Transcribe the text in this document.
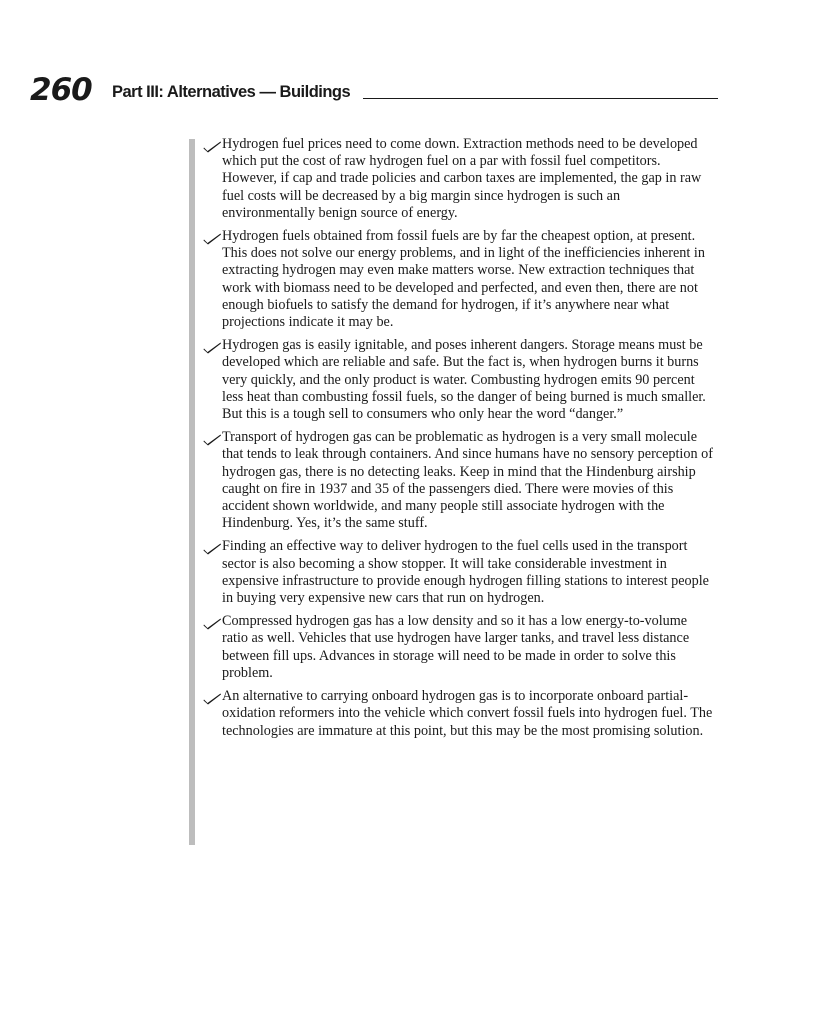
260 Part III: Alternatives — Buildings
Hydrogen fuel prices need to come down. Extraction methods need to be developed which put the cost of raw hydrogen fuel on a par with fossil fuel competitors. However, if cap and trade policies and carbon taxes are implemented, the gap in raw fuel costs will be decreased by a big margin since hydrogen is such an environmentally benign source of energy.
Hydrogen fuels obtained from fossil fuels are by far the cheapest option, at present. This does not solve our energy problems, and in light of the inefficiencies inherent in extracting hydrogen may even make matters worse. New extraction techniques that work with biomass need to be developed and perfected, and even then, there are not enough biofuels to satisfy the demand for hydrogen, if it’s anywhere near what projections indicate it may be.
Hydrogen gas is easily ignitable, and poses inherent dangers. Storage means must be developed which are reliable and safe. But the fact is, when hydrogen burns it burns very quickly, and the only product is water. Combusting hydrogen emits 90 percent less heat than combusting fossil fuels, so the danger of being burned is much smaller. But this is a tough sell to consumers who only hear the word “danger.”
Transport of hydrogen gas can be problematic as hydrogen is a very small molecule that tends to leak through containers. And since humans have no sensory perception of hydrogen gas, there is no detecting leaks. Keep in mind that the Hindenburg airship caught on fire in 1937 and 35 of the passengers died. There were movies of this accident shown worldwide, and many people still associate hydrogen with the Hindenburg. Yes, it’s the same stuff.
Finding an effective way to deliver hydrogen to the fuel cells used in the transport sector is also becoming a show stopper. It will take considerable investment in expensive infrastructure to provide enough hydrogen filling stations to interest people in buying very expensive new cars that run on hydrogen.
Compressed hydrogen gas has a low density and so it has a low energy-to-volume ratio as well. Vehicles that use hydrogen have larger tanks, and travel less distance between fill ups. Advances in storage will need to be made in order to solve this problem.
An alternative to carrying onboard hydrogen gas is to incorporate onboard partial-oxidation reformers into the vehicle which convert fossil fuels into hydrogen fuel. The technologies are immature at this point, but this may be the most promising solution.
